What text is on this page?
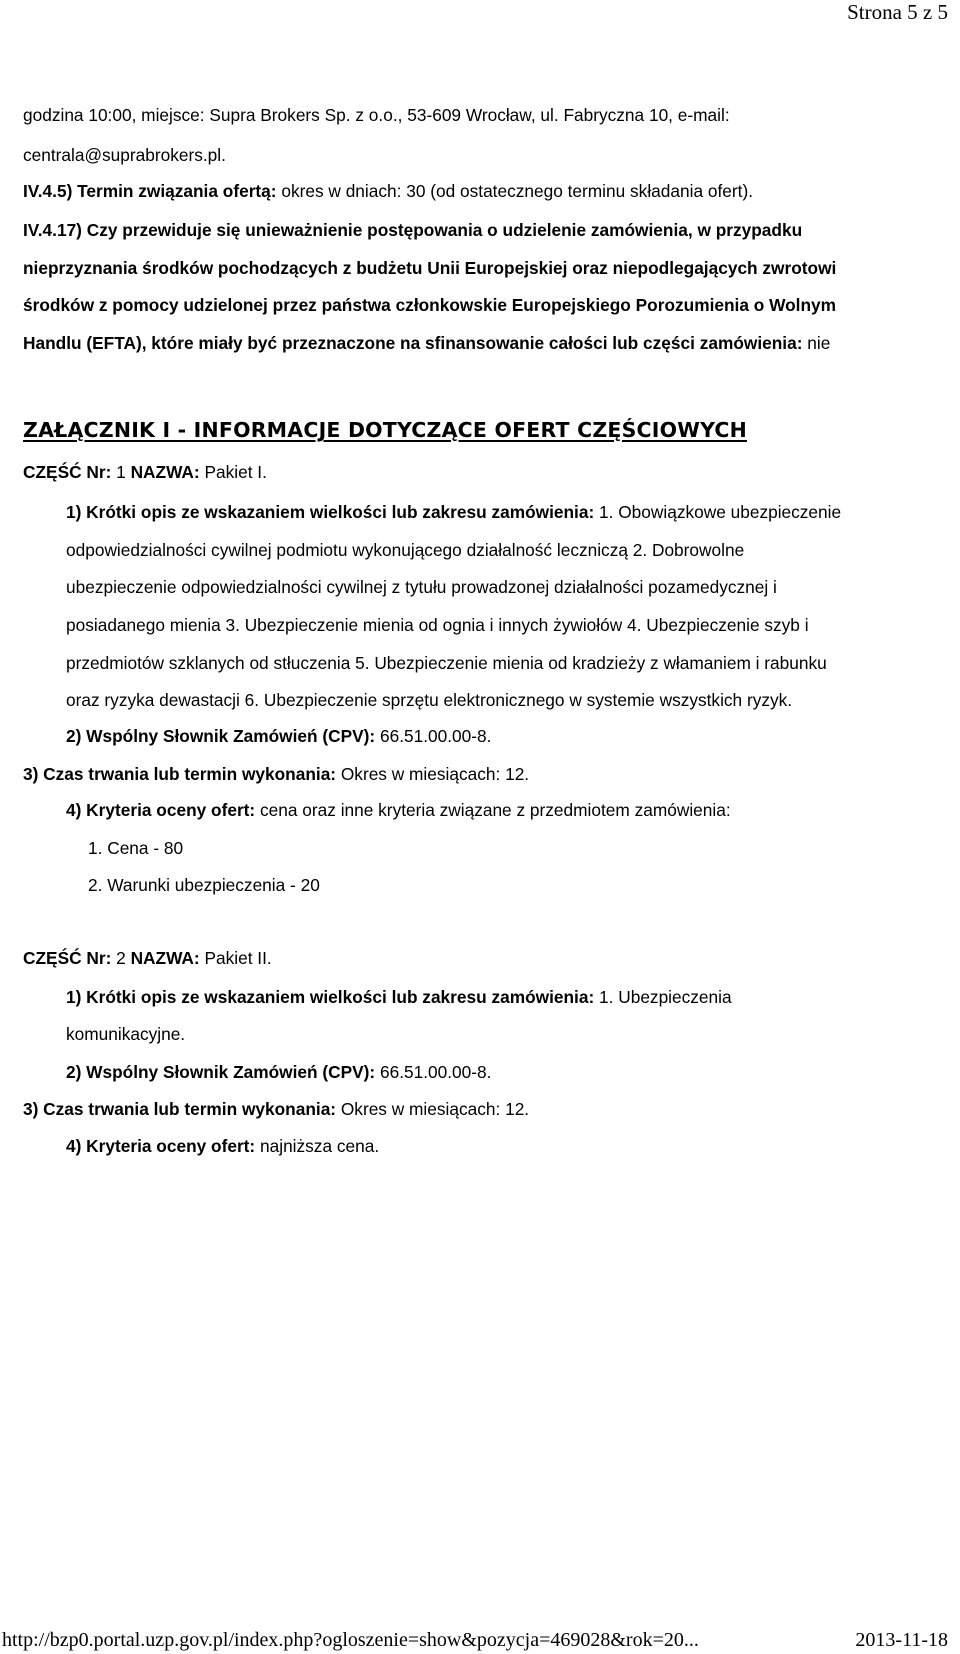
Strona 5 z 5
godzina 10:00, miejsce: Supra Brokers Sp. z o.o., 53-609 Wrocław, ul. Fabryczna 10, e-mail:
centrala@suprabrokers.pl.
IV.4.5) Termin związania ofertą: okres w dniach: 30 (od ostatecznego terminu składania ofert).
IV.4.17) Czy przewiduje się unieważnienie postępowania o udzielenie zamówienia, w przypadku
nieprzyznania środków pochodzących z budżetu Unii Europejskiej oraz niepodlegających zwrotowi
środków z pomocy udzielonej przez państwa członkowskie Europejskiego Porozumienia o Wolnym
Handlu (EFTA), które miały być przeznaczone na sfinansowanie całości lub części zamówienia: nie
ZAŁĄCZNIK I - INFORMACJE DOTYCZĄCE OFERT CZĘŚCIOWYCH
CZĘŚĆ Nr: 1 NAZWA: Pakiet I.
1) Krótki opis ze wskazaniem wielkości lub zakresu zamówienia: 1. Obowiązkowe ubezpieczenie
odpowiedzialności cywilnej podmiotu wykonującego działalność leczniczą 2. Dobrowolne
ubezpieczenie odpowiedzialności cywilnej z tytułu prowadzonej działalności pozamedycznej i
posiadanego mienia 3. Ubezpieczenie mienia od ognia i innych żywiołów 4. Ubezpieczenie szyb i
przedmiotów szklanych od stłuczenia 5. Ubezpieczenie mienia od kradzieży z włamaniem i rabunku
oraz ryzyka dewastacji 6. Ubezpieczenie sprzętu elektronicznego w systemie wszystkich ryzyk.
2) Wspólny Słownik Zamówień (CPV): 66.51.00.00-8.
3) Czas trwania lub termin wykonania: Okres w miesiącach: 12.
4) Kryteria oceny ofert: cena oraz inne kryteria związane z przedmiotem zamówienia:
1. Cena - 80
2. Warunki ubezpieczenia - 20
CZĘŚĆ Nr: 2 NAZWA: Pakiet II.
1) Krótki opis ze wskazaniem wielkości lub zakresu zamówienia: 1. Ubezpieczenia
komunikacyjne.
2) Wspólny Słownik Zamówień (CPV): 66.51.00.00-8.
3) Czas trwania lub termin wykonania: Okres w miesiącach: 12.
4) Kryteria oceny ofert: najniższa cena.
http://bzp0.portal.uzp.gov.pl/index.php?ogloszenie=show&pozycja=469028&rok=20...	2013-11-18
